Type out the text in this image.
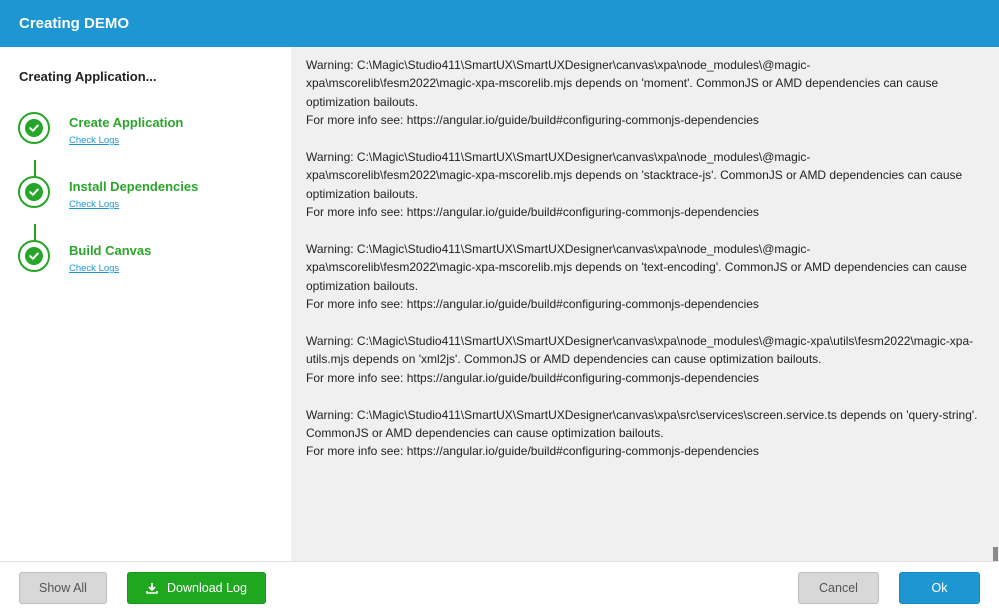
Creating DEMO
Creating Application...
Create Application
Check Logs
Install Dependencies
Check Logs
Build Canvas
Check Logs
Warning: C:\Magic\Studio411\SmartUX\SmartUXDesigner\canvas\xpa\node_modules\@magic-
xpa\mscorelib\fesm2022\magic-xpa-mscorelib.mjs depends on 'moment'. CommonJS or AMD dependencies can cause
optimization bailouts.
For more info see: https://angular.io/guide/build#configuring-commonjs-dependencies
Warning: C:\Magic\Studio411\SmartUX\SmartUXDesigner\canvas\xpa\node_modules\@magic-
xpa\mscorelib\fesm2022\magic-xpa-mscorelib.mjs depends on 'stacktrace-js'. CommonJS or AMD dependencies can cause
optimization bailouts.
For more info see: https://angular.io/guide/build#configuring-commonjs-dependencies
Warning: C:\Magic\Studio411\SmartUX\SmartUXDesigner\canvas\xpa\node_modules\@magic-
xpa\mscorelib\fesm2022\magic-xpa-mscorelib.mjs depends on 'text-encoding'. CommonJS or AMD dependencies can cause
optimization bailouts.
For more info see: https://angular.io/guide/build#configuring-commonjs-dependencies
Warning: C:\Magic\Studio411\SmartUX\SmartUXDesigner\canvas\xpa\node_modules\@magic-xpa\utils\fesm2022\magic-xpa-
utils.mjs depends on 'xml2js'. CommonJS or AMD dependencies can cause optimization bailouts.
For more info see: https://angular.io/guide/build#configuring-commonjs-dependencies
Warning: C:\Magic\Studio411\SmartUX\SmartUXDesigner\canvas\xpa\src\services\screen.service.ts depends on 'query-string'.
CommonJS or AMD dependencies can cause optimization bailouts.
For more info see: https://angular.io/guide/build#configuring-commonjs-dependencies
Show All	Download Log	Cancel	Ok
